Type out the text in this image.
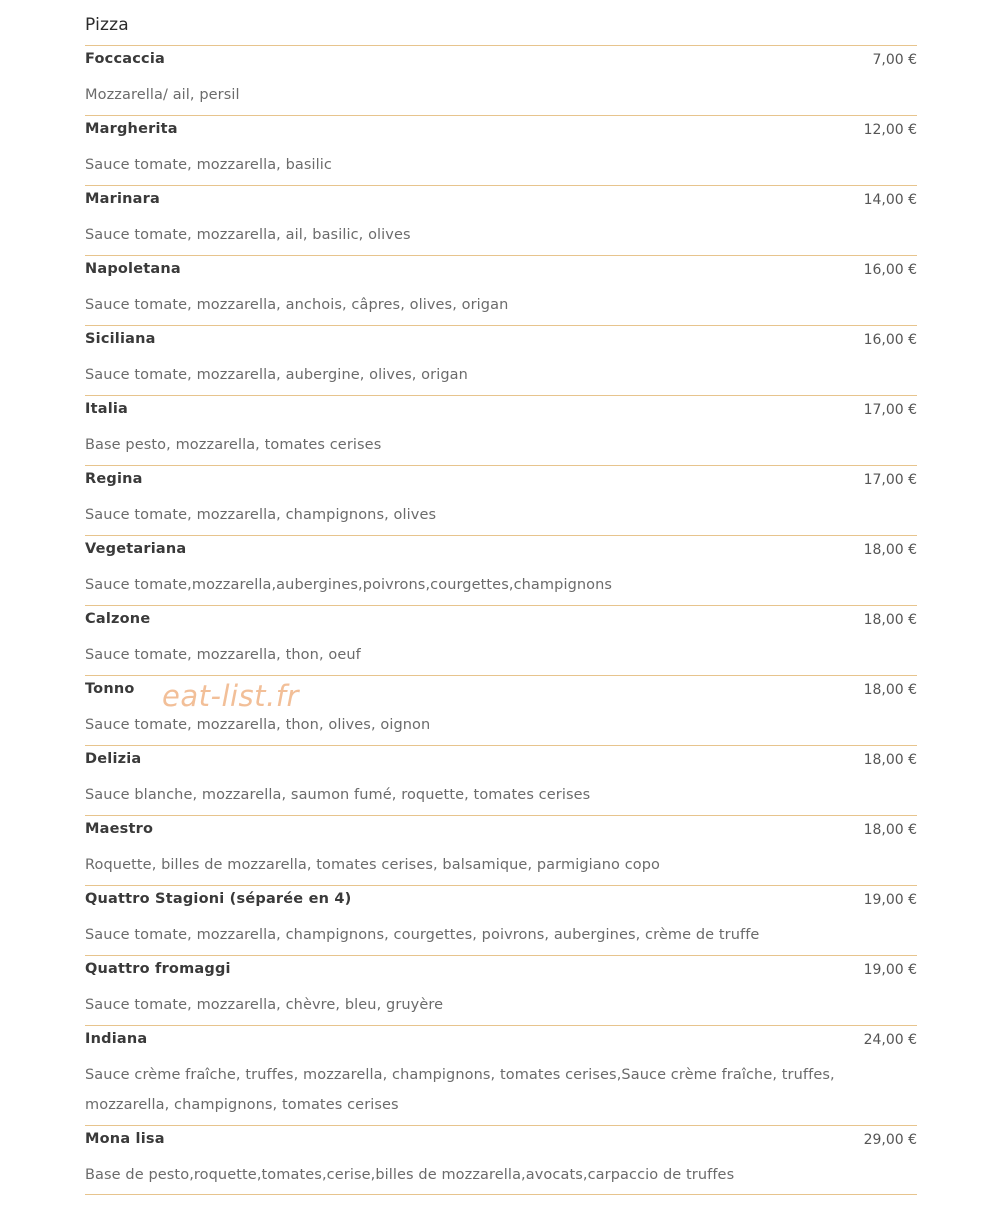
Pizza
Foccaccia	7,00 €
Mozzarella/ ail, persil
Margherita	12,00 €
Sauce tomate, mozzarella, basilic
Marinara	14,00 €
Sauce tomate, mozzarella, ail, basilic, olives
Napoletana	16,00 €
Sauce tomate, mozzarella, anchois, câpres, olives, origan
Siciliana	16,00 €
Sauce tomate, mozzarella, aubergine, olives, origan
Italia	17,00 €
Base pesto, mozzarella, tomates cerises
Regina	17,00 €
Sauce tomate, mozzarella, champignons, olives
Vegetariana	18,00 €
Sauce tomate,mozzarella,aubergines,poivrons,courgettes,champignons
Calzone	18,00 €
Sauce tomate, mozzarella, thon, oeuf
Tonno	18,00 €
Sauce tomate, mozzarella, thon, olives, oignon
Delizia	18,00 €
Sauce blanche, mozzarella, saumon fumé, roquette, tomates cerises
Maestro	18,00 €
Roquette, billes de mozzarella, tomates cerises, balsamique, parmigiano copo
Quattro Stagioni (séparée en 4)	19,00 €
Sauce tomate, mozzarella, champignons, courgettes, poivrons, aubergines, crème de truffe
Quattro fromaggi	19,00 €
Sauce tomate, mozzarella, chèvre, bleu, gruyère
Indiana	24,00 €
Sauce crème fraîche, truffes, mozzarella, champignons, tomates cerises,Sauce crème fraîche, truffes, mozzarella, champignons, tomates cerises
Mona lisa	29,00 €
Base de pesto,roquette,tomates,cerise,billes de mozzarella,avocats,carpaccio de truffes
eat-list.fr
